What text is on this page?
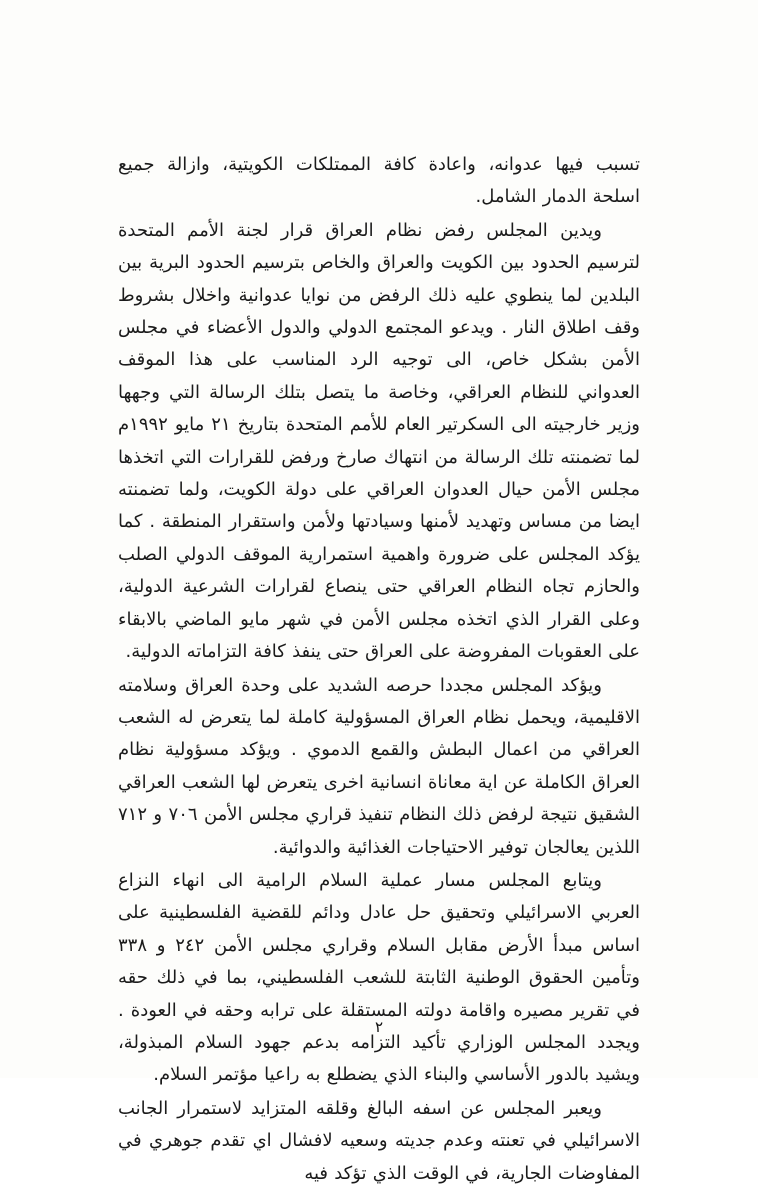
تسبب فيها عدوانه، واعادة كافة الممتلكات الكويتية، وازالة جميع اسلحة الدمار الشامل.

ويدين المجلس رفض نظام العراق قرار لجنة الأمم المتحدة لترسيم الحدود بين الكويت والعراق والخاص بترسيم الحدود البرية بين البلدين لما ينطوي عليه ذلك الرفض من نوايا عدوانية واخلال بشروط وقف اطلاق النار . ويدعو المجتمع الدولي والدول الأعضاء في مجلس الأمن بشكل خاص، الى توجيه الرد المناسب على هذا الموقف العدواني للنظام العراقي، وخاصة ما يتصل بتلك الرسالة التي وجهها وزير خارجيته الى السكرتير العام للأمم المتحدة بتاريخ ٢١ مايو ١٩٩٢م لما تضمنته تلك الرسالة من انتهاك صارخ ورفض للقرارات التي اتخذها مجلس الأمن حيال العدوان العراقي على دولة الكويت، ولما تضمنته ايضا من مساس وتهديد لأمنها وسيادتها ولأمن واستقرار المنطقة . كما يؤكد المجلس على ضرورة واهمية استمرارية الموقف الدولي الصلب والحازم تجاه النظام العراقي حتى ينصاع لقرارات الشرعية الدولية، وعلى القرار الذي اتخذه مجلس الأمن في شهر مايو الماضي بالابقاء على العقوبات المفروضة على العراق حتى ينفذ كافة التزاماته الدولية.

ويؤكد المجلس مجددا حرصه الشديد على وحدة العراق وسلامته الاقليمية، ويحمل نظام العراق المسؤولية كاملة لما يتعرض له الشعب العراقي من اعمال البطش والقمع الدموي . ويؤكد مسؤولية نظام العراق الكاملة عن اية معاناة انسانية اخرى يتعرض لها الشعب العراقي الشقيق نتيجة لرفض ذلك النظام تنفيذ قراري مجلس الأمن ٧٠٦ و ٧١٢ اللذين يعالجان توفير الاحتياجات الغذائية والدوائية.

ويتابع المجلس مسار عملية السلام الرامية الى انهاء النزاع العربي الاسرائيلي وتحقيق حل عادل ودائم للقضية الفلسطينية على اساس مبدأ الأرض مقابل السلام وقراري مجلس الأمن ٢٤٢ و ٣٣٨ وتأمين الحقوق الوطنية الثابتة للشعب الفلسطيني، بما في ذلك حقه في تقرير مصيره واقامة دولته المستقلة على ترابه وحقه في العودة . ويجدد المجلس الوزاري تأكيد التزامه بدعم جهود السلام المبذولة، ويشيد بالدور الأساسي والبناء الذي يضطلع به راعيا مؤتمر السلام.

ويعبر المجلس عن اسفه البالغ وقلقه المتزايد لاستمرار الجانب الاسرائيلي في تعنته وعدم جديته وسعيه لافشال اي تقدم جوهري في المفاوضات الجارية، في الوقت الذي تؤكد فيه

٢
